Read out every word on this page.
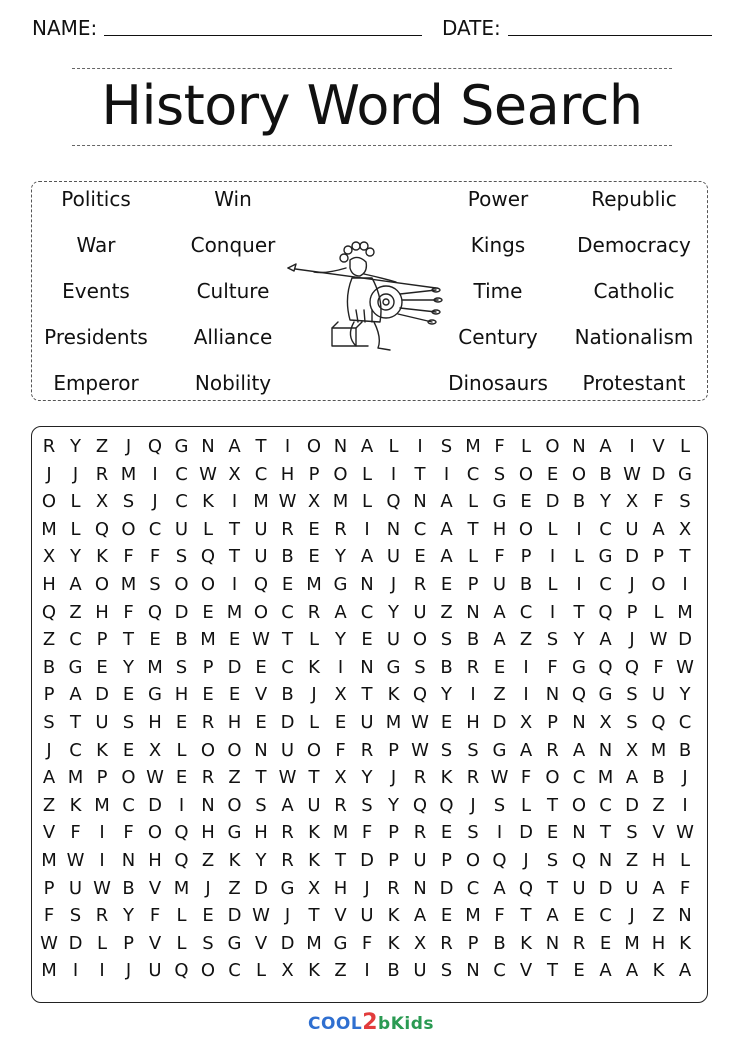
NAME:	DATE:
History Word Search
Politics	Win	Power	Republic
War	Conquer	Kings	Democracy
Events	Culture	Time	Catholic
Presidents Alliance	Century Nationalism
Emperor	Nobility	Dinosaurs Protestant
R Y Z J Q G N A T	I O N A L	I	S M F L O N A I V L
J	J R M I C W X C H P O L	I	T	I C S O E O B W D G
O L X S	J C K I M W X M L Q N A L G E D B Y X F S
M L Q O C U L T U R E R I N C A T H O L	I C U A X
X Y K F F S Q T U B E Y A U E A L F P	I	L G D P T
H A O M S O O I Q E M G N J R E P U B L	I C J O I
Q Z H F Q D E M O C R A C Y U Z N A C I	T Q P L M
Z C P T E B M E W T L Y E U O S B A Z S Y A J W D
B G E Y M S P D E C K I N G S B R E	I	F G Q Q F W
P A D E G H E E V B J X T K Q Y	I Z I N Q G S U Y
S T U S H E R H E D L E U M W E H D X P N X S Q C
J C K E X L O O N U O F R P W S S G A R A N X M B
A M P O W E R Z T W T X Y	J R K R W F O C M A B J
Z K M C D I N O S A U R S Y Q Q J	S L T O C D Z I
V F	I	F O Q H G H R K M F P R E S	I D E N T S V W
M W I N H Q Z K Y R K T D P U P O Q J	S Q N Z H L
P U W B V M J Z D G X H J R N D C A Q T U D U A F
F S R Y F L E D W J	T V U K A E M F T A E C J Z N
W D L P V L S G V D M G F K X R P B K N R E M H K
M I	I	J U Q O C L X K Z I B U S N C V T E A A K A
COOL2bKids
